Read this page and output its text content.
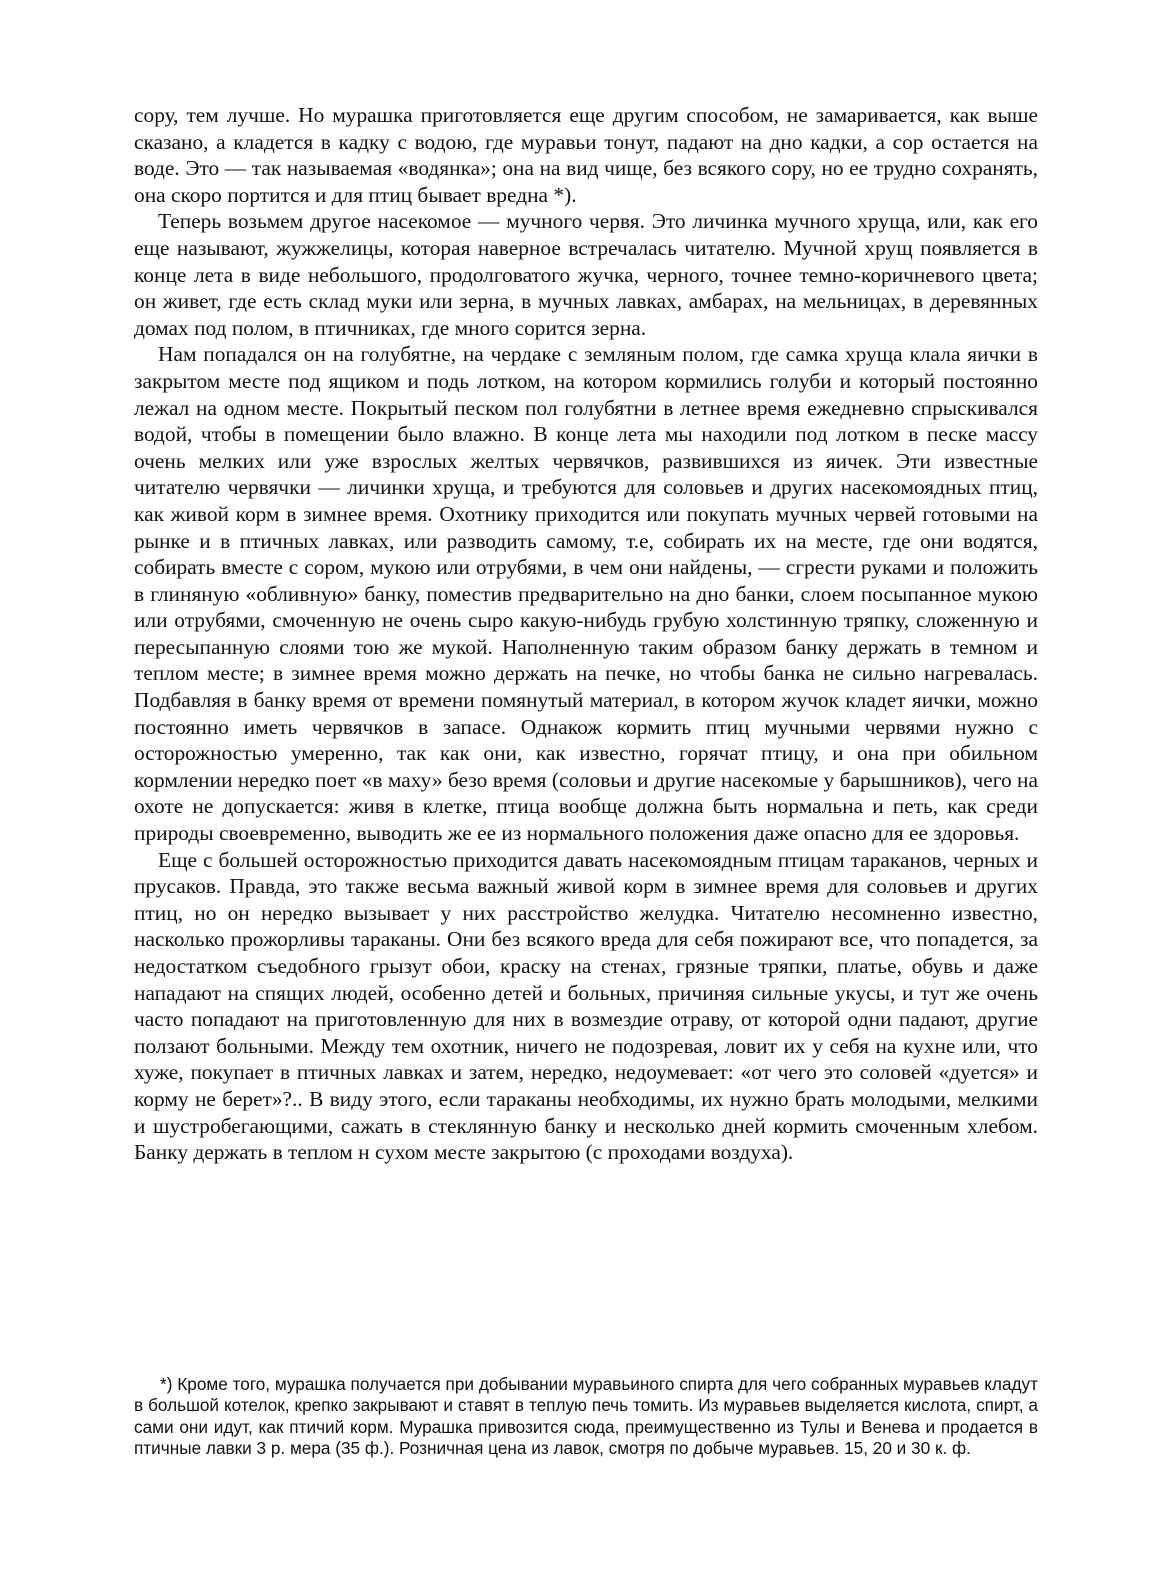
сору, тем лучше. Но мурашка приготовляется еще другим способом, не замаривается, как выше сказано, а кладется в кадку с водою, где муравьи тонут, падают на дно кадки, а сор остается на воде. Это — так называемая «водянка»; она на вид чище, без всякого сору, но ее трудно сохранять, она скоро портится и для птиц бывает вредна *).

Теперь возьмем другое насекомое — мучного червя. Это личинка мучного хруща, или, как его еще называют, жужжелицы, которая наверное встречалась читателю. Мучной хрущ появляется в конце лета в виде небольшого, продолговатого жучка, черного, точнее темно-коричневого цвета; он живет, где есть склад муки или зерна, в мучных лавках, амбарах, на мельницах, в деревянных домах под полом, в птичниках, где много сорится зерна.

Нам попадался он на голубятне, на чердаке с земляным полом, где самка хруща клала яички в закрытом месте под ящиком и подь лотком, на котором кормились голуби и который постоянно лежал на одном месте. Покрытый песком пол голубятни в летнее время ежедневно спрыскивался водой, чтобы в помещении было влажно. В конце лета мы находили под лотком в песке массу очень мелких или уже взрослых желтых червячков, развившихся из яичек. Эти известные читателю червячки — личинки хруща, и требуются для соловьев и других насекомоядных птиц, как живой корм в зимнее время. Охотнику приходится или покупать мучных червей готовыми на рынке и в птичных лавках, или разводить самому, т.е, собирать их на месте, где они водятся, собирать вместе с сором, мукою или отрубями, в чем они найдены, — сгрести руками и положить в глиняную «обливную» банку, поместив предварительно на дно банки, слоем посыпанное мукою или отрубями, смоченную не очень сыро какую-нибудь грубую холстинную тряпку, сложенную и пересыпанную слоями тою же мукой. Наполненную таким образом банку держать в темном и теплом месте; в зимнее время можно держать на печке, но чтобы банка не сильно нагревалась. Подбавляя в банку время от времени помянутый материал, в котором жучок кладет яички, можно постоянно иметь червячков в запасе. Однакож кормить птиц мучными червями нужно с осторожностью умеренно, так как они, как известно, горячат птицу, и она при обильном кормлении нередко поет «в маху» безо время (соловьи и другие насекомые у барышников), чего на охоте не допускается: живя в клетке, птица вообще должна быть нормальна и петь, как среди природы своевременно, выводить же ее из нормального положения даже опасно для ее здоровья.

Еще с большей осторожностью приходится давать насекомоядным птицам тараканов, черных и прусаков. Правда, это также весьма важный живой корм в зимнее время для соловьев и других птиц, но он нередко вызывает у них расстройство желудка. Читателю несомненно известно, насколько прожорливы тараканы. Они без всякого вреда для себя пожирают все, что попадется, за недостатком съедобного грызут обои, краску на стенах, грязные тряпки, платье, обувь и даже нападают на спящих людей, особенно детей и больных, причиняя сильные укусы, и тут же очень часто попадают на приготовленную для них в возмездие отраву, от которой одни падают, другие ползают больными. Между тем охотник, ничего не подозревая, ловит их у себя на кухне или, что хуже, покупает в птичных лавках и затем, нередко, недоумевает: «от чего это соловей «дуется» и корму не берет»?.. В виду этого, если тараканы необходимы, их нужно брать молодыми, мелкими и шустробегающими, сажать в стеклянную банку и несколько дней кормить смоченным хлебом. Банку держать в теплом н сухом месте закрытою (с проходами воздуха).

*) Кроме того, мурашка получается при добывании муравьиного спирта для чего собранных муравьев кладут в большой котелок, крепко закрывают и ставят в теплую печь томить. Из муравьев выделяется кислота, спирт, а сами они идут, как птичий корм. Мурашка привозится сюда, преимущественно из Тулы и Венева и продается в птичные лавки 3 р. мера (35 ф.). Розничная цена из лавок, смотря по добыче муравьев. 15, 20 и 30 к. ф.
